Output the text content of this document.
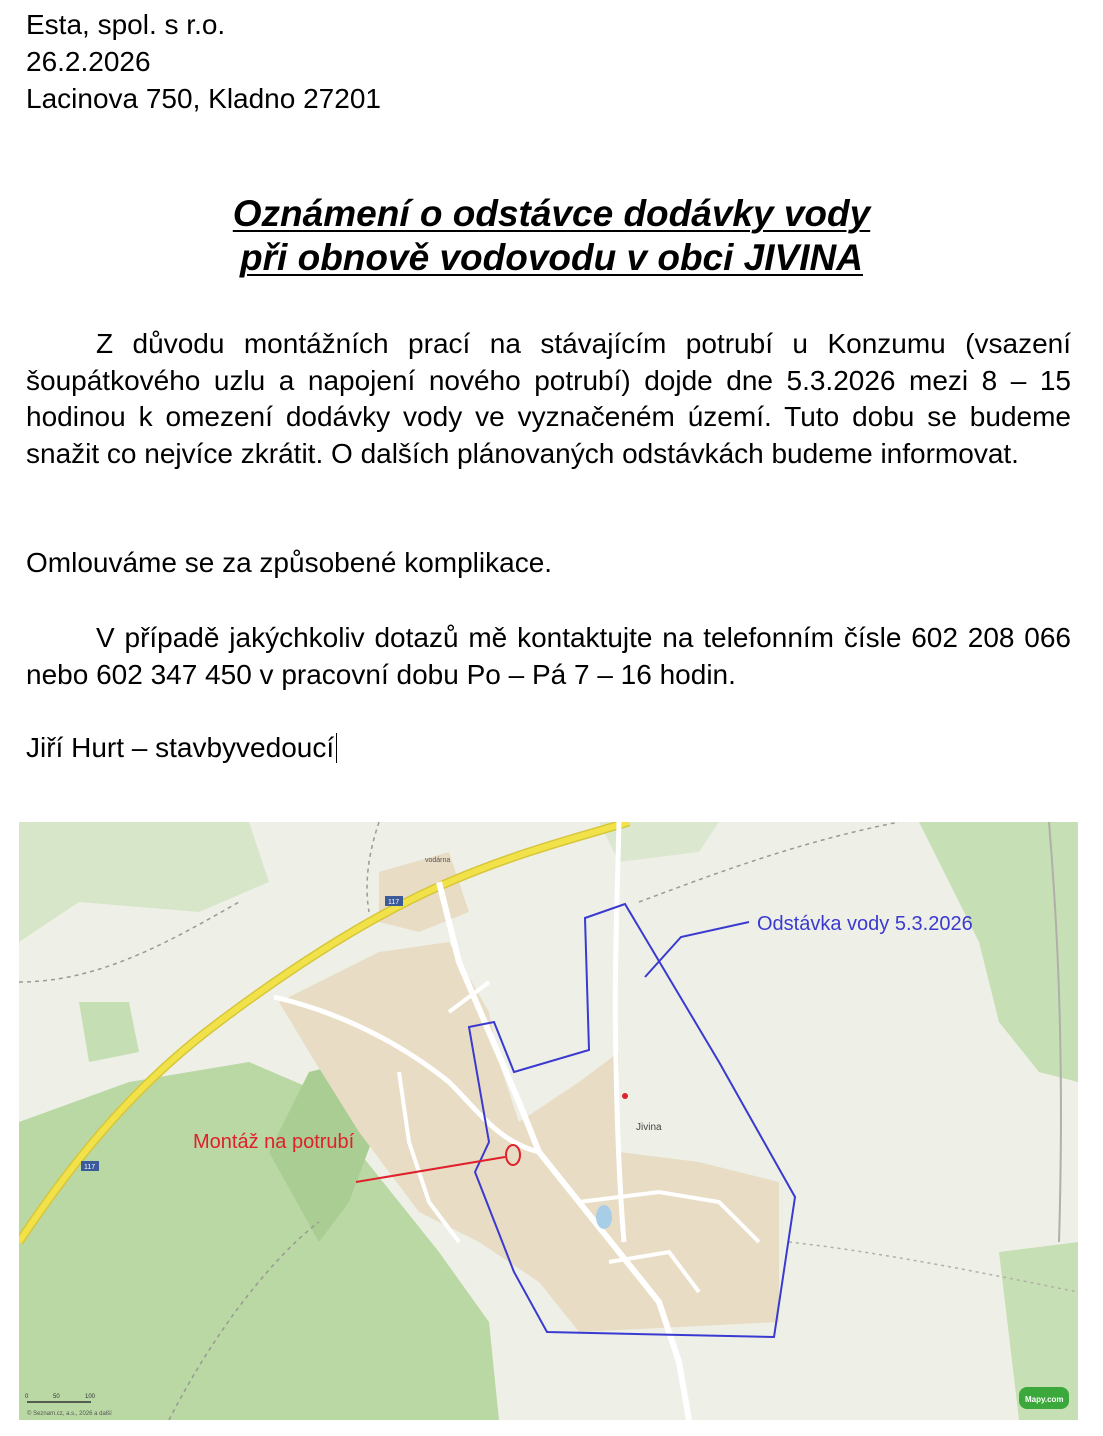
Esta, spol. s r.o.
26.2.2026
Lacinova 750, Kladno 27201
Oznámení o odstávce dodávky vody
při obnově vodovodu v obci JIVINA
Z důvodu montážních prací na stávajícím potrubí u Konzumu (vsazení šoupátkového uzlu a napojení nového potrubí) dojde dne 5.3.2026 mezi 8 – 15 hodinou k omezení dodávky vody ve vyznačeném území. Tuto dobu se budeme snažit co nejvíce zkrátit. O dalších plánovaných odstávkách budeme informovat.
Omlouváme se za způsobené komplikace.
V případě jakýchkoliv dotazů mě kontaktujte na telefonním čísle 602 208 066 nebo 602 347 450 v pracovní dobu Po – Pá 7 – 16 hodin.
Jiří Hurt – stavbyvedoucí
Odstávka vody 5.3.2026
Montáž na potrubí
Jivina
vodárna
117
117
0	50	100
© Seznam.cz, a.s., 2026 a další
Mapy.com
